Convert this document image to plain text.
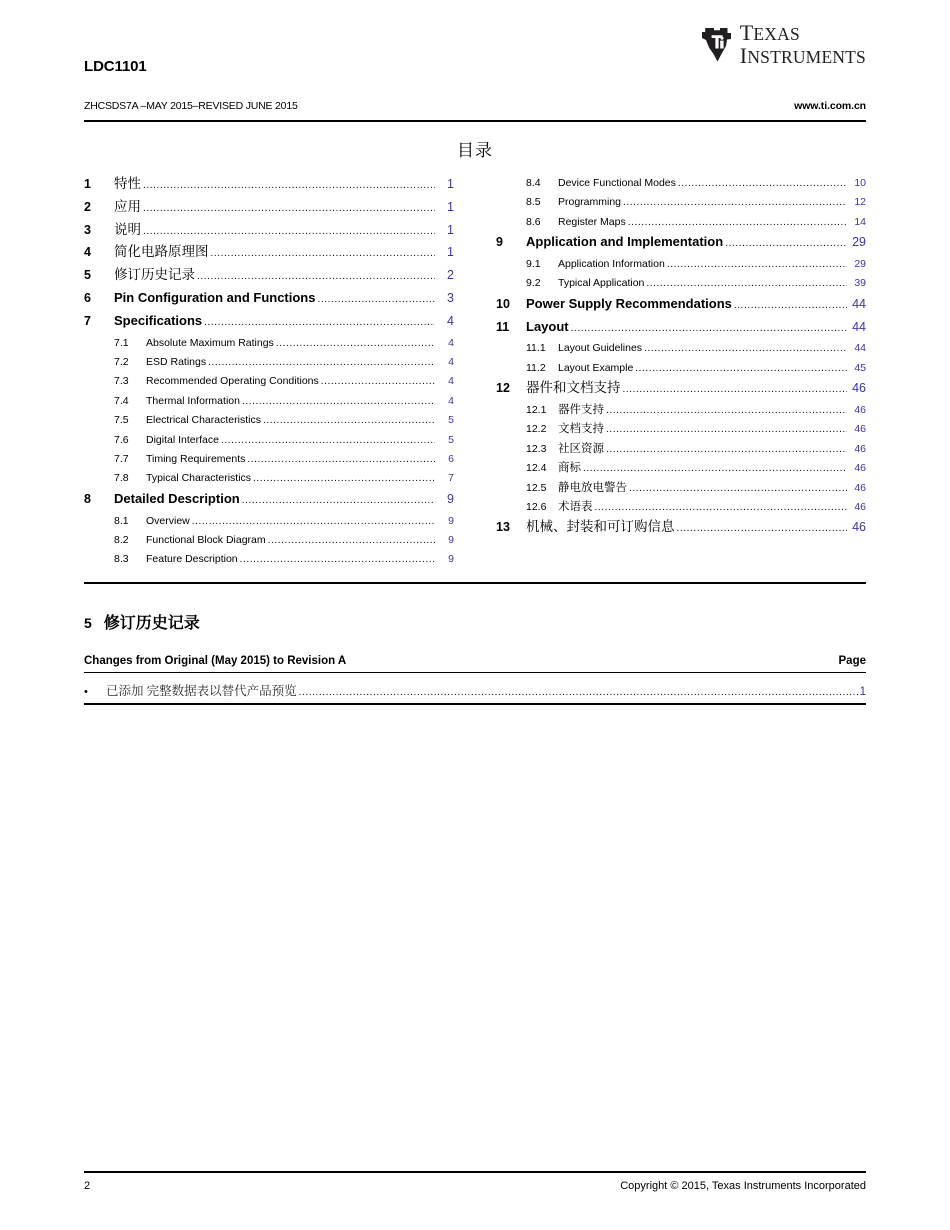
TEXAS
INSTRUMENTS
LDC1101
ZHCSDS7A –MAY 2015–REVISED JUNE 2015	www.ti.com.cn
目录
1	特性 .....	1
2	应用 .....	1
3	说明 .....	1
4	简化电路原理图 .....	1
5	修订历史记录 .....	2
6	Pin Configuration and Functions .....	3
7	Specifications .....	4
7.1	Absolute Maximum Ratings .....	4
7.2	ESD Ratings .....	4
7.3	Recommended Operating Conditions .....	4
7.4	Thermal Information .....	4
7.5	Electrical Characteristics .....	5
7.6	Digital Interface .....	5
7.7	Timing Requirements .....	6
7.8	Typical Characteristics .....	7
8	Detailed Description .....	9
8.1	Overview .....	9
8.2	Functional Block Diagram .....	9
8.3	Feature Description .....	9
8.4	Device Functional Modes .....	10
8.5	Programming .....	12
8.6	Register Maps .....	14
9	Application and Implementation .....	29
9.1	Application Information .....	29
9.2	Typical Application .....	39
10	Power Supply Recommendations .....	44
11	Layout .....	44
11.1	Layout Guidelines .....	44
11.2	Layout Example .....	45
12	器件和文档支持 .....	46
12.1	器件支持 .....	46
12.2	文档支持 .....	46
12.3	社区资源 .....	46
12.4	商标 .....	46
12.5	静电放电警告 .....	46
12.6	术语表 .....	46
13	机械、封装和可订购信息 .....	46
5 修订历史记录
Changes from Original (May 2015) to Revision A	Page
•	已添加 完整数据表以替代产品预览 .....	1
2	Copyright © 2015, Texas Instruments Incorporated
